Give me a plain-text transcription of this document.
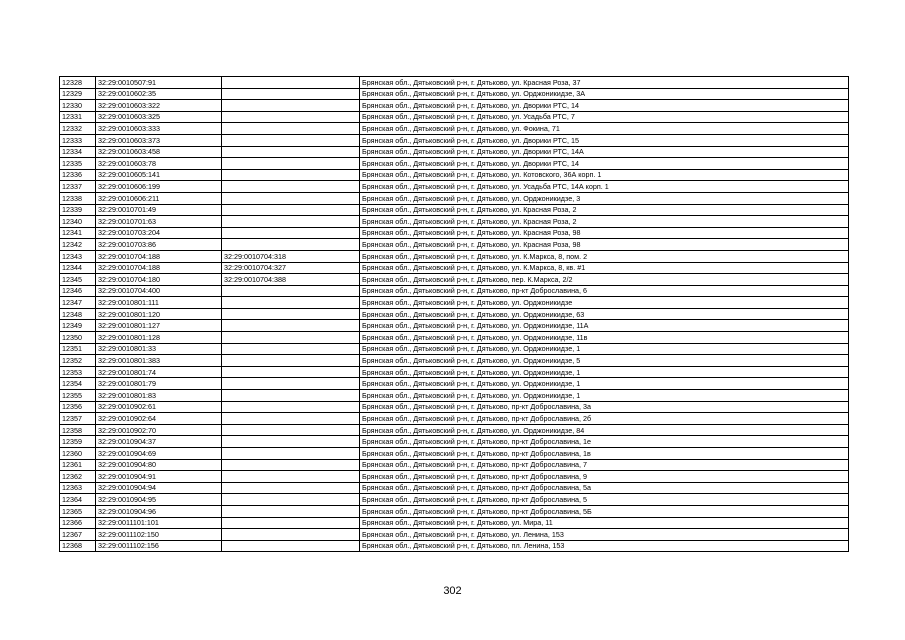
12328	32:29:0010507:91		Брянская обл., Дятьковский р-н, г. Дятьково, ул. Красная Роза, 37
12329	32:29:0010602:35		Брянская обл., Дятьковский р-н, г. Дятьково, ул. Орджоникидзе, 3А
12330	32:29:0010603:322		Брянская обл., Дятьковский р-н, г. Дятьково, ул. Дворики РТС, 14
12331	32:29:0010603:325		Брянская обл., Дятьковский р-н, г. Дятьково, ул. Усадьба РТС, 7
12332	32:29:0010603:333		Брянская обл., Дятьковский р-н, г. Дятьково, ул. Фокина, 71
12333	32:29:0010603:373		Брянская обл., Дятьковский р-н, г. Дятьково, ул. Дворики РТС, 15
12334	32:29:0010603:458		Брянская обл., Дятьковский р-н, г. Дятьково, ул. Дворики РТС, 14А
12335	32:29:0010603:78		Брянская обл., Дятьковский р-н, г. Дятьково, ул. Дворики РТС, 14
12336	32:29:0010605:141		Брянская обл., Дятьковский р-н, г. Дятьково, ул. Котовского, 36А корп. 1
12337	32:29:0010606:199		Брянская обл., Дятьковский р-н, г. Дятьково, ул. Усадьба РТС, 14А корп. 1
12338	32:29:0010606:211		Брянская обл., Дятьковский р-н, г. Дятьково, ул. Орджоникидзе, 3
12339	32:29:0010701:49		Брянская обл., Дятьковский р-н, г. Дятьково, ул. Красная Роза, 2
12340	32:29:0010701:63		Брянская обл., Дятьковский р-н, г. Дятьково, ул. Красная Роза, 2
12341	32:29:0010703:204		Брянская обл., Дятьковский р-н, г. Дятьково, ул. Красная Роза, 98
12342	32:29:0010703:86		Брянская обл., Дятьковский р-н, г. Дятьково, ул. Красная Роза, 98
12343	32:29:0010704:188	32:29:0010704:318	Брянская обл., Дятьковский р-н, г. Дятьково, ул. К.Маркса, 8, пом. 2
12344	32:29:0010704:188	32:29:0010704:327	Брянская обл., Дятьковский р-н, г. Дятьково, ул. К.Маркса, 8, кв. #1
12345	32:29:0010704:180	32:29:0010704:388	Брянская обл., Дятьковский р-н, г. Дятьково, пер. К.Маркса, 2/2
12346	32:29:0010704:400		Брянская обл., Дятьковский р-н, г. Дятьково, пр-кт Доброславина, 6
12347	32:29:0010801:111		Брянская обл., Дятьковский р-н, г. Дятьково, ул. Орджоникидзе
12348	32:29:0010801:120		Брянская обл., Дятьковский р-н, г. Дятьково, ул. Орджоникидзе, 63
12349	32:29:0010801:127		Брянская обл., Дятьковский р-н, г. Дятьково, ул. Орджоникидзе, 11А
12350	32:29:0010801:128		Брянская обл., Дятьковский р-н, г. Дятьково, ул. Орджоникидзе, 11в
12351	32:29:0010801:33		Брянская обл., Дятьковский р-н, г. Дятьково, ул. Орджоникидзе, 1
12352	32:29:0010801:383		Брянская обл., Дятьковский р-н, г. Дятьково, ул. Орджоникидзе, 5
12353	32:29:0010801:74		Брянская обл., Дятьковский р-н, г. Дятьково, ул. Орджоникидзе, 1
12354	32:29:0010801:79		Брянская обл., Дятьковский р-н, г. Дятьково, ул. Орджоникидзе, 1
12355	32:29:0010801:83		Брянская обл., Дятьковский р-н, г. Дятьково, ул. Орджоникидзе, 1
12356	32:29:0010902:61		Брянская обл., Дятьковский р-н, г. Дятьково, пр-кт Доброславина, 3а
12357	32:29:0010902:64		Брянская обл., Дятьковский р-н, г. Дятьково, пр-кт Доброславина, 2б
12358	32:29:0010902:70		Брянская обл., Дятьковский р-н, г. Дятьково, ул. Орджоникидзе, 84
12359	32:29:0010904:37		Брянская обл., Дятьковский р-н, г. Дятьково, пр-кт Доброславина, 1е
12360	32:29:0010904:69		Брянская обл., Дятьковский р-н, г. Дятьково, пр-кт Доброславина, 1в
12361	32:29:0010904:80		Брянская обл., Дятьковский р-н, г. Дятьково, пр-кт Доброславина, 7
12362	32:29:0010904:91		Брянская обл., Дятьковский р-н, г. Дятьково, пр-кт Доброславина, 9
12363	32:29:0010904:94		Брянская обл., Дятьковский р-н, г. Дятьково, пр-кт Доброславина, 5а
12364	32:29:0010904:95		Брянская обл., Дятьковский р-н, г. Дятьково, пр-кт Доброславина, 5
12365	32:29:0010904:96		Брянская обл., Дятьковский р-н, г. Дятьково, пр-кт Доброславина, 5Б
12366	32:29:0011101:101		Брянская обл., Дятьковский р-н, г. Дятьково, ул. Мира, 11
12367	32:29:0011102:150		Брянская обл., Дятьковский р-н, г. Дятьково, ул. Ленина, 153
12368	32:29:0011102:156		Брянская обл., Дятьковский р-н, г. Дятьково, пл. Ленина, 153
302
